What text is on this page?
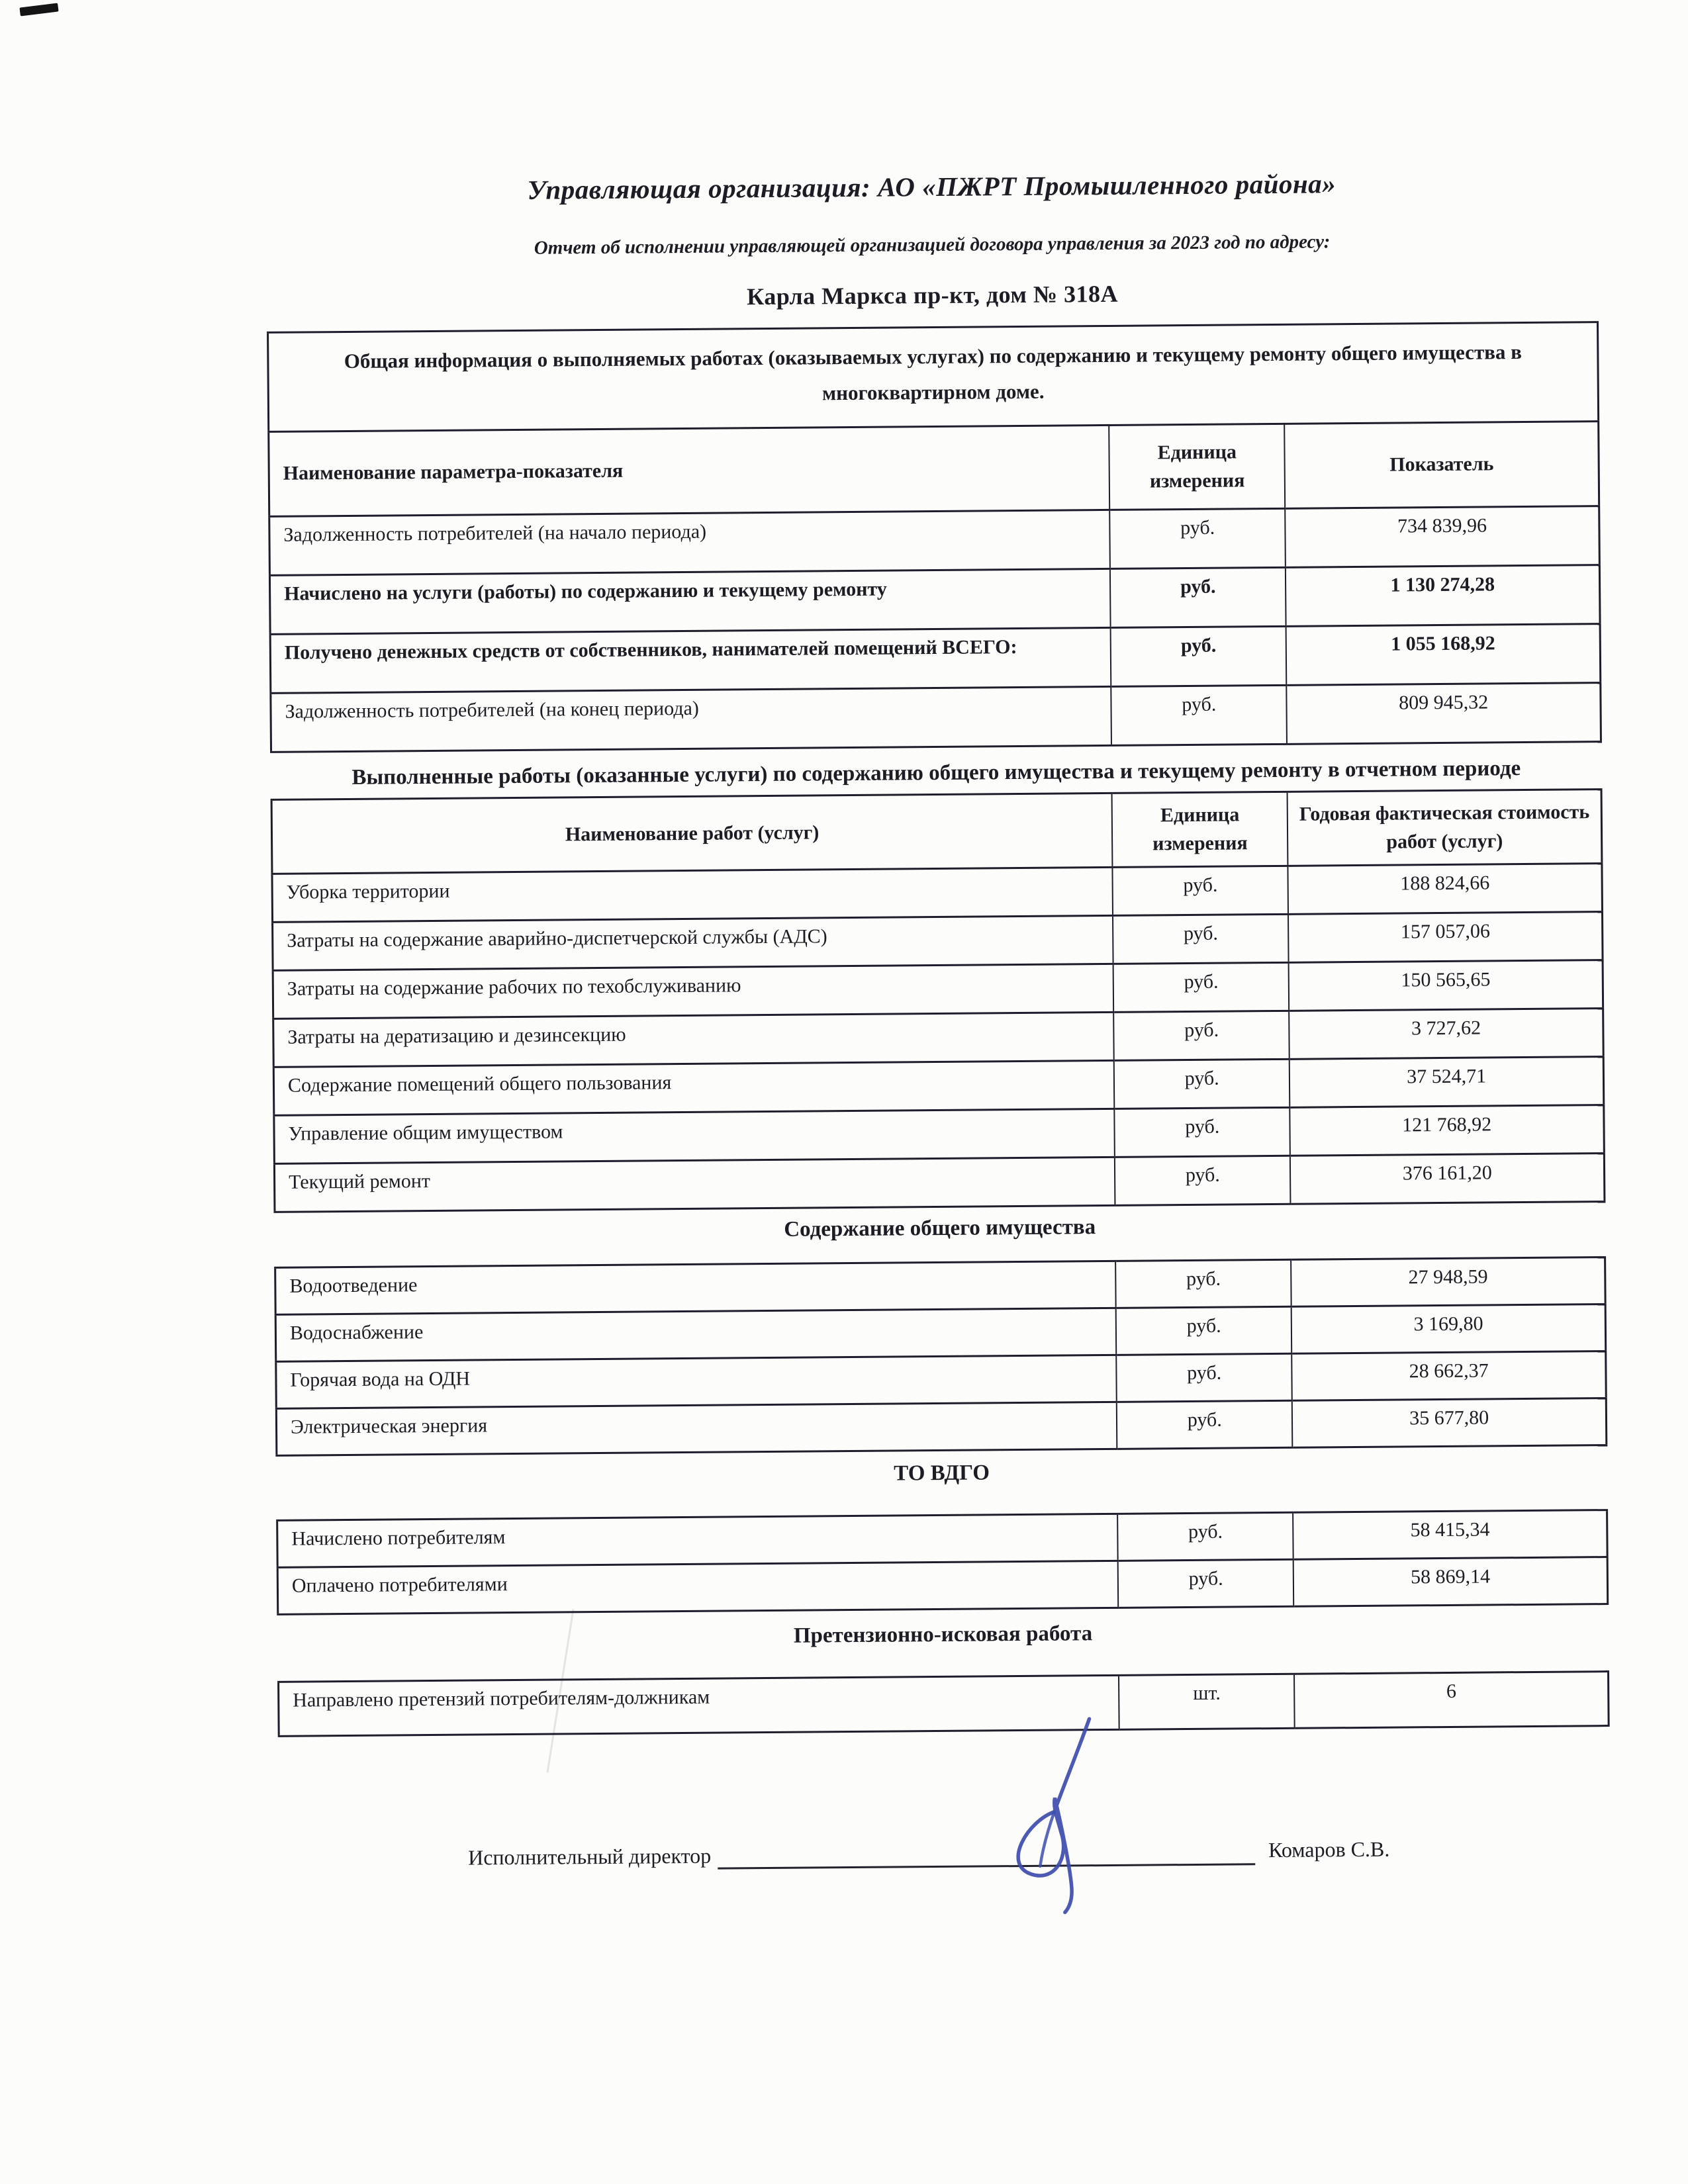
Управляющая организация: АО «ПЖРТ Промышленного района»
Отчет об исполнении управляющей организацией договора управления за 2023 год по адресу:
Карла Маркса пр-кт, дом № 318А
Общая информация о выполняемых работах (оказываемых услугах) по содержанию и текущему ремонту общего имущества в многоквартирном доме.		
Наименование параметра-показателя	Единица измерения	Показатель
Задолженность потребителей (на начало периода)	руб.	734 839,96
Начислено на услуги (работы) по содержанию и текущему ремонту	руб.	1 130 274,28
Получено денежных средств от собственников, нанимателей помещений ВСЕГО:	руб.	1 055 168,92
Задолженность потребителей (на конец периода)	руб.	809 945,32
Выполненные работы (оказанные услуги) по содержанию общего имущества и текущему ремонту в отчетном периоде
Наименование работ (услуг)	Единица измерения	Годовая фактическая стоимость работ (услуг)
Уборка территории	руб.	188 824,66
Затраты на содержание аварийно-диспетчерской службы (АДС)	руб.	157 057,06
Затраты на содержание рабочих по техобслуживанию	руб.	150 565,65
Затраты на дератизацию и дезинсекцию	руб.	3 727,62
Содержание помещений общего пользования	руб.	37 524,71
Управление общим имуществом	руб.	121 768,92
Текущий ремонт	руб.	376 161,20
Содержание общего имущества
Водоотведение	руб.	27 948,59
Водоснабжение	руб.	3 169,80
Горячая вода на ОДН	руб.	28 662,37
Электрическая энергия	руб.	35 677,80
ТО ВДГО
Начислено потребителям	руб.	58 415,34
Оплачено потребителями	руб.	58 869,14
Претензионно-исковая работа
Направлено претензий потребителям-должникам	шт.	6
Исполнительный директор	Комаров С.В.
